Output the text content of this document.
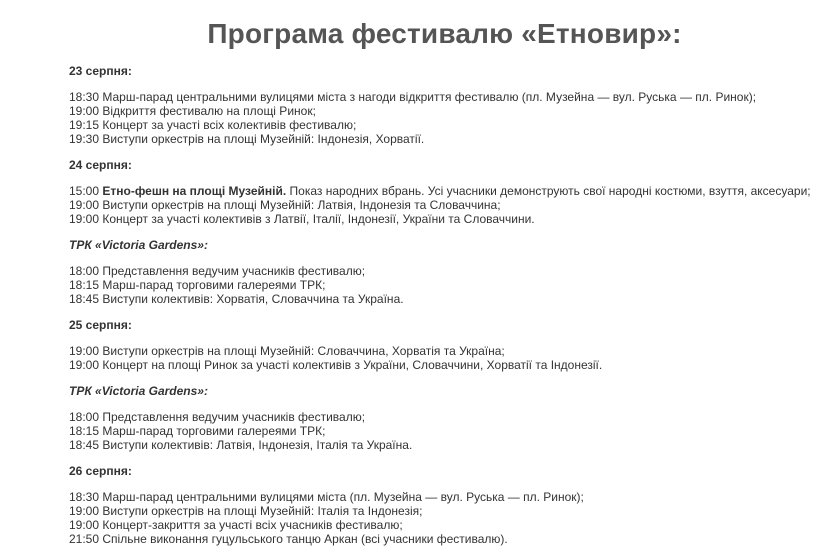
Програма фестивалю «Етновир»:

23 серпня:

18:30 Марш-парад центральними вулицями міста з нагоди відкриття фестивалю (пл. Музейна — вул. Руська — пл. Ринок);
19:00 Відкриття фестивалю на площі Ринок;
19:15 Концерт за участі всіх колективів фестивалю;
19:30 Виступи оркестрів на площі Музейній: Індонезія, Хорватії.

24 серпня:

15:00 Етно-фешн на площі Музейній. Показ народних вбрань. Усі учасники демонструють свої народні костюми, взуття, аксесуари;
19:00 Виступи оркестрів на площі Музейній: Латвія, Індонезія та Словаччина;
19:00 Концерт за участі колективів з Латвії, Італії, Індонезії, України та Словаччини.

ТРК «Victoria Gardens»:

18:00 Представлення ведучим учасників фестивалю;
18:15 Марш-парад торговими галереями ТРК;
18:45 Виступи колективів: Хорватія, Словаччина та Україна.

25 серпня:

19:00 Виступи оркестрів на площі Музейній: Словаччина, Хорватія та Україна;
19:00 Концерт на площі Ринок за участі колективів з України, Словаччини, Хорватії та Індонезії.

ТРК «Victoria Gardens»:

18:00 Представлення ведучим учасників фестивалю;
18:15 Марш-парад торговими галереями ТРК;
18:45 Виступи колективів: Латвія, Індонезія, Італія та Україна.

26 серпня:

18:30 Марш-парад центральними вулицями міста (пл. Музейна — вул. Руська — пл. Ринок);
19:00 Виступи оркестрів на площі Музейній: Італія та Індонезія;
19:00 Концерт-закриття за участі всіх учасників фестивалю;
21:50 Спільне виконання гуцульського танцю Аркан (всі учасники фестивалю).
